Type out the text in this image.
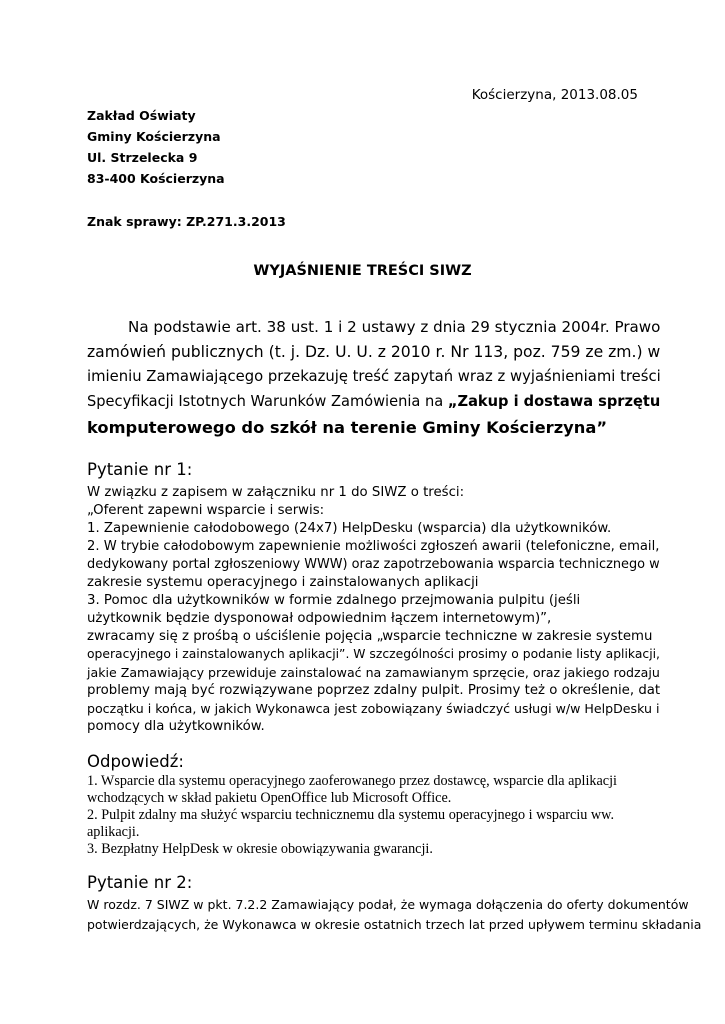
Kościerzyna, 2013.08.05
Zakład Oświaty
Gminy Kościerzyna
Ul. Strzelecka 9
83-400 Kościerzyna
Znak sprawy: ZP.271.3.2013
WYJAŚNIENIE TREŚCI SIWZ
Na podstawie art. 38 ust. 1 i 2 ustawy z dnia 29 stycznia 2004r. Prawo
zamówień publicznych (t. j. Dz. U. U. z 2010 r. Nr 113, poz. 759 ze zm.) w
imieniu Zamawiającego przekazuję treść zapytań wraz z wyjaśnieniami treści
Specyfikacji Istotnych Warunków Zamówienia na „Zakup i dostawa sprzętu
komputerowego do szkół na terenie Gminy Kościerzyna”
Pytanie nr 1:
W związku z zapisem w załączniku nr 1 do SIWZ o treści:
„Oferent zapewni wsparcie i serwis:
1. Zapewnienie całodobowego (24x7) HelpDesku (wsparcia) dla użytkowników.
2. W trybie całodobowym zapewnienie możliwości zgłoszeń awarii (telefoniczne, email,
dedykowany portal zgłoszeniowy WWW) oraz zapotrzebowania wsparcia technicznego w
zakresie systemu operacyjnego i zainstalowanych aplikacji
3. Pomoc dla użytkowników w formie zdalnego przejmowania pulpitu (jeśli
użytkownik będzie dysponował odpowiednim łączem internetowym)”,
zwracamy się z prośbą o uściślenie pojęcia „wsparcie techniczne w zakresie systemu
operacyjnego i zainstalowanych aplikacji”. W szczególności prosimy o podanie listy aplikacji,
jakie Zamawiający przewiduje zainstalować na zamawianym sprzęcie, oraz jakiego rodzaju
problemy mają być rozwiązywane poprzez zdalny pulpit. Prosimy też o określenie, dat
początku i końca, w jakich Wykonawca jest zobowiązany świadczyć usługi w/w HelpDesku i
pomocy dla użytkowników.
Odpowiedź:
1. Wsparcie dla systemu operacyjnego zaoferowanego przez dostawcę, wsparcie dla aplikacji
wchodzących w skład pakietu OpenOffice lub Microsoft Office.
2. Pulpit zdalny ma służyć wsparciu technicznemu dla systemu operacyjnego i wsparciu ww.
aplikacji.
3. Bezpłatny HelpDesk w okresie obowiązywania gwarancji.
Pytanie nr 2:
W rozdz. 7 SIWZ w pkt. 7.2.2 Zamawiający podał, że wymaga dołączenia do oferty dokumentów
potwierdzających, że Wykonawca w okresie ostatnich trzech lat przed upływem terminu składania
